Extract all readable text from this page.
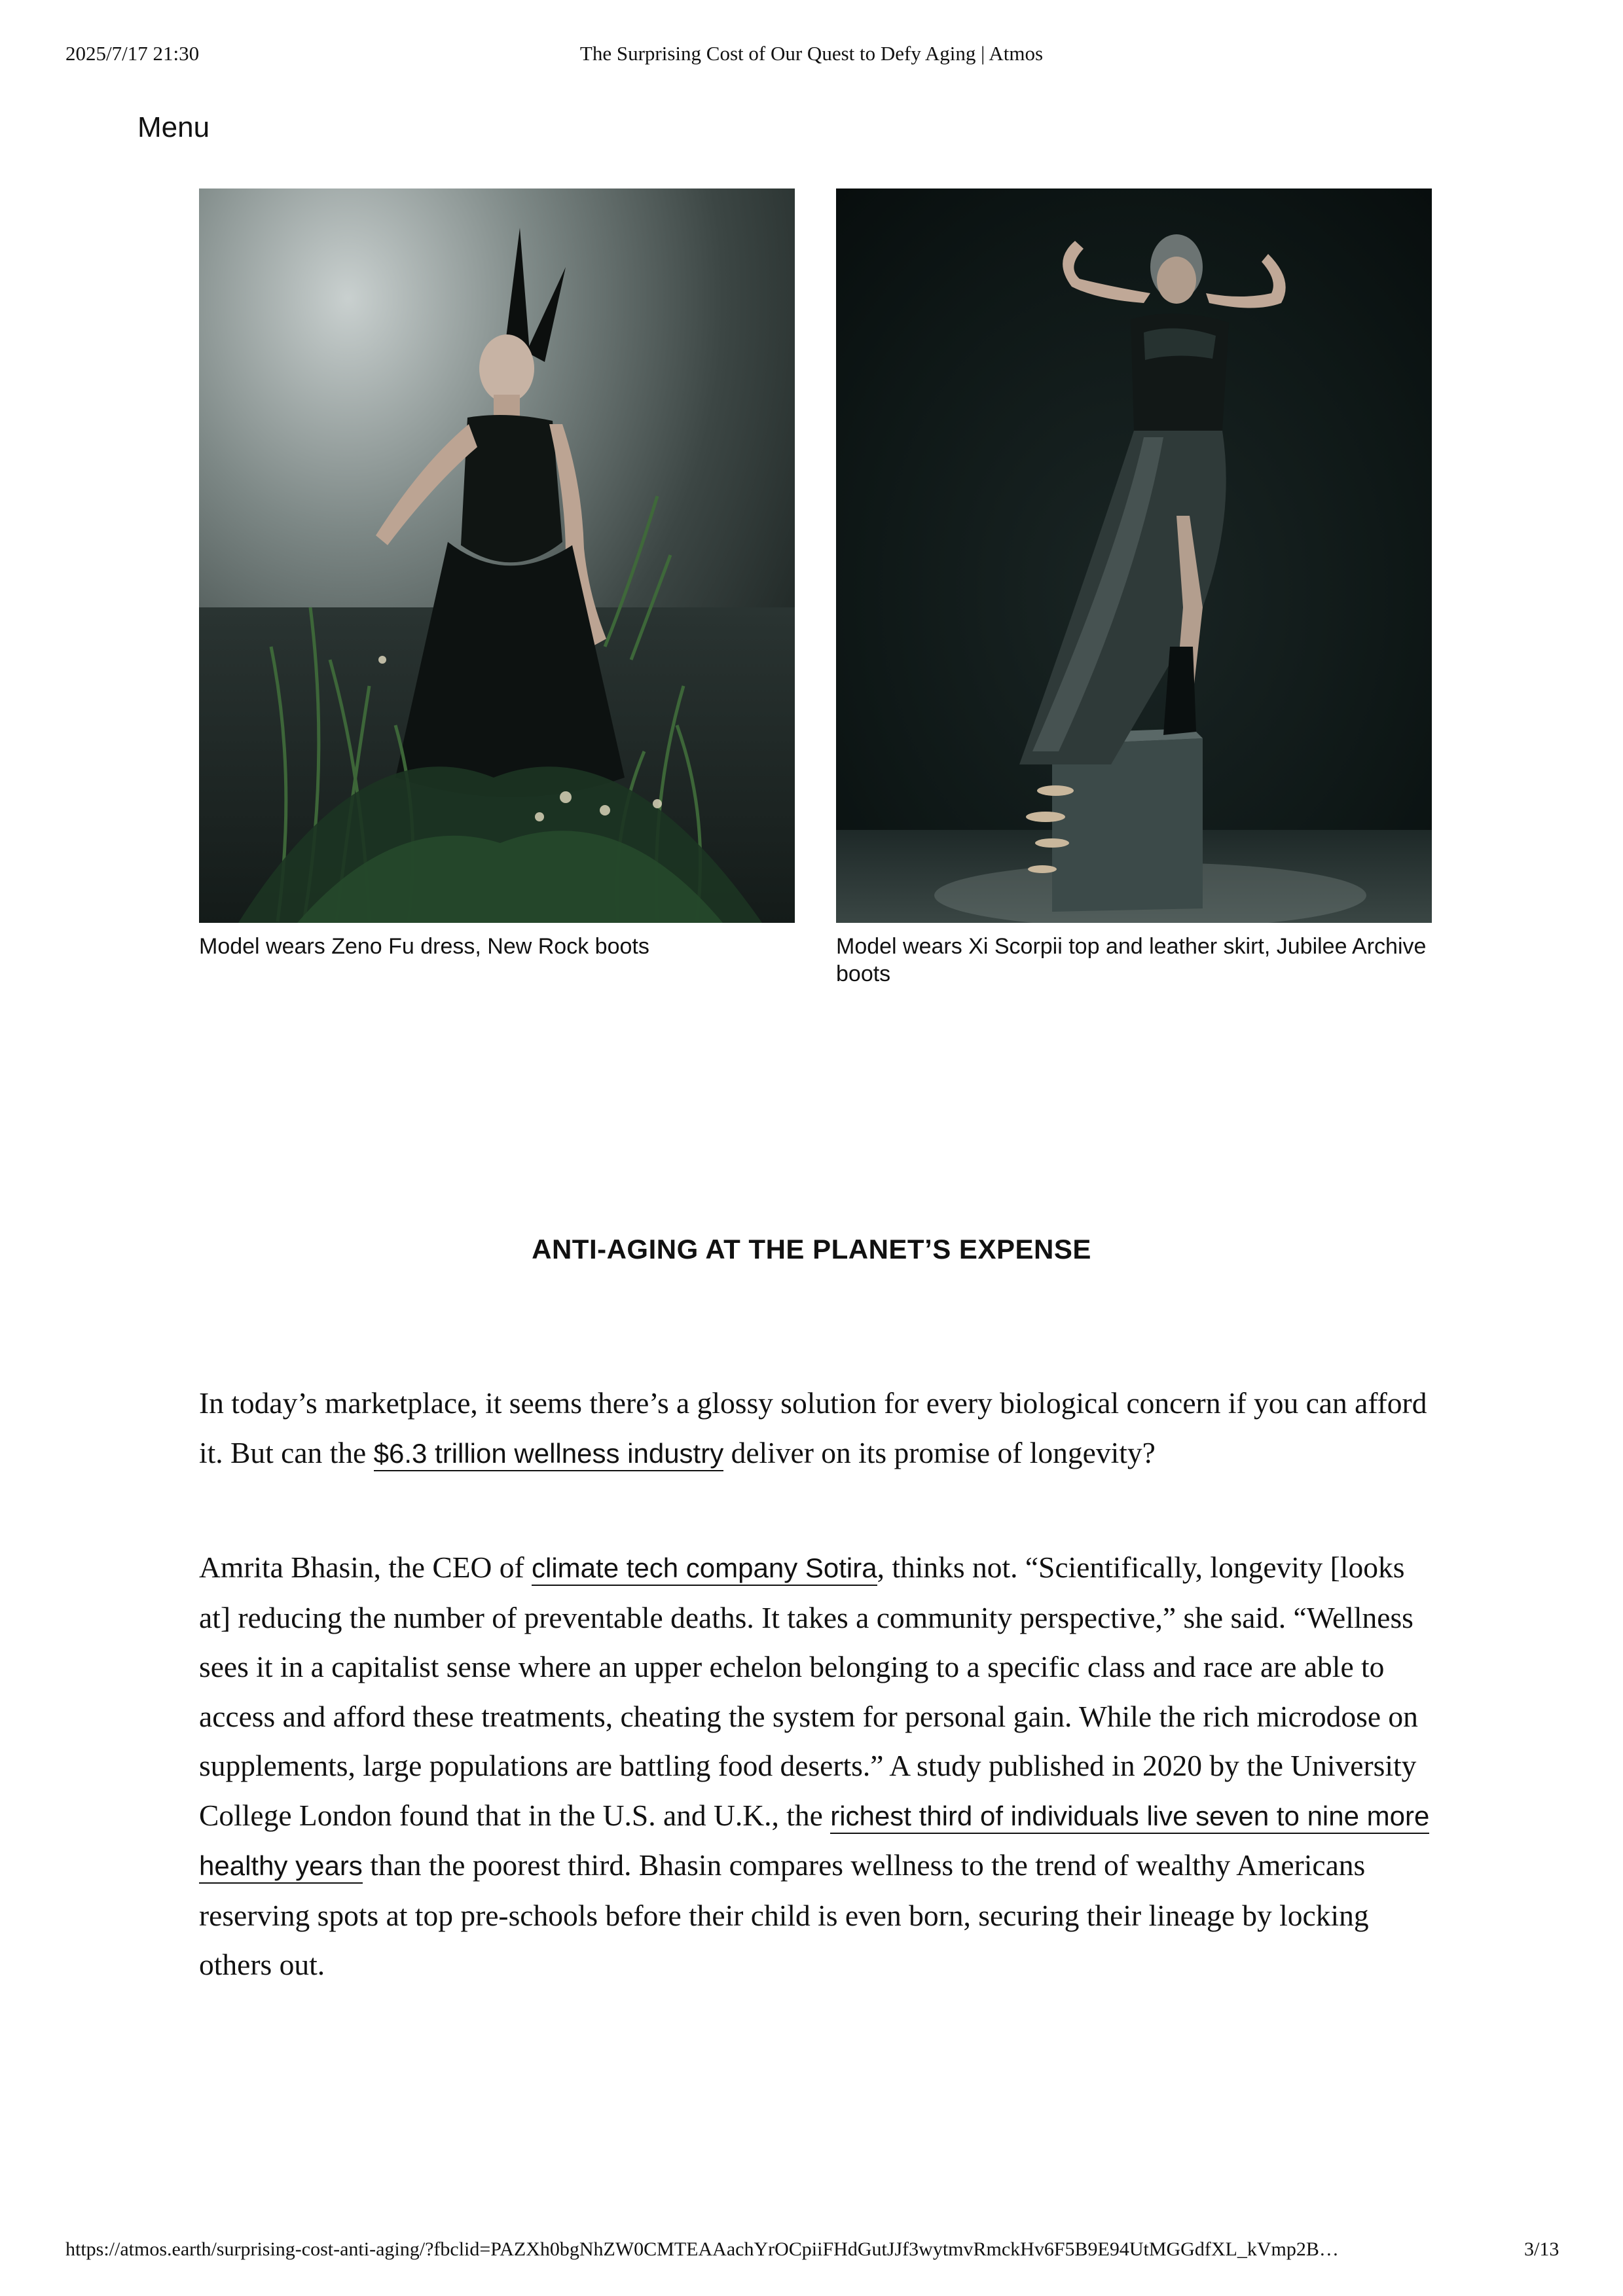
2025/7/17 21:30	The Surprising Cost of Our Quest to Defy Aging | Atmos
Menu
Model wears Zeno Fu dress, New Rock boots	Model wears Xi Scorpii top and leather skirt, Jubilee Archive boots
ANTI-AGING AT THE PLANET’S EXPENSE
In today’s marketplace, it seems there’s a glossy solution for every biological concern if you can afford it. But can the $6.3 trillion wellness industry deliver on its promise of longevity?
Amrita Bhasin, the CEO of climate tech company Sotira, thinks not. “Scientifically, longevity [looks at] reducing the number of preventable deaths. It takes a community perspective,” she said. “Wellness sees it in a capitalist sense where an upper echelon belonging to a specific class and race are able to access and afford these treatments, cheating the system for personal gain. While the rich microdose on supplements, large populations are battling food deserts.” A study published in 2020 by the University College London found that in the U.S. and U.K., the richest third of individuals live seven to nine more healthy years than the poorest third. Bhasin compares wellness to the trend of wealthy Americans reserving spots at top pre-schools before their child is even born, securing their lineage by locking others out.
https://atmos.earth/surprising-cost-anti-aging/?fbclid=PAZXh0bgNhZW0CMTEAAachYrOCpiiFHdGutJJf3wytmvRmckHv6F5B9E94UtMGGdfXL_kVmp2B…	3/13
